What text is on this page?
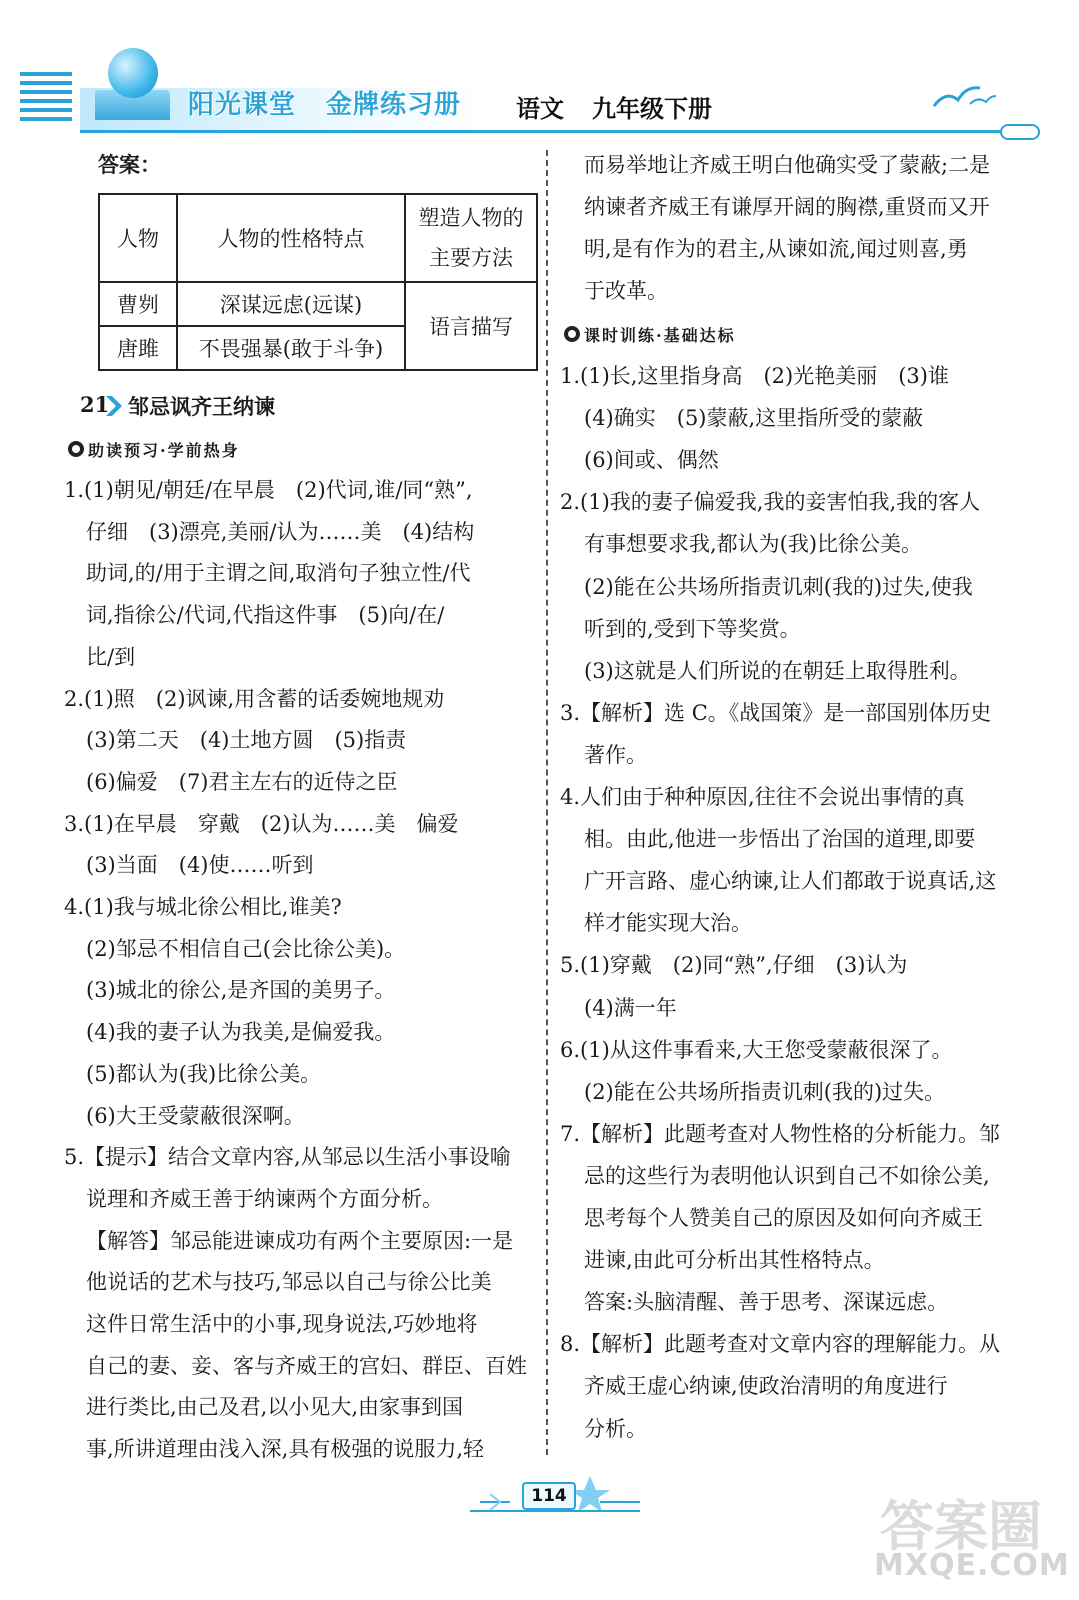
阳光课堂 金牌练习册 语文 九年级下册
答案：
人物	人物的性格特点	塑造人物的
主要方法

曹刿	深谋远虑(远谋)	语言描写
唐雎	不畏强暴(敢于斗争)	
21 邹忌讽齐王纳谏
助读预习·学前热身
1.(1)朝见/朝廷/在早晨　(2)代词,谁/同“熟”,
仔细　(3)漂亮,美丽/认为……美　(4)结构
助词,的/用于主谓之间,取消句子独立性/代
词,指徐公/代词,代指这件事　(5)向/在/
比/到
2.(1)照　(2)讽谏,用含蓄的话委婉地规劝
(3)第二天　(4)土地方圆　(5)指责
(6)偏爱　(7)君主左右的近侍之臣
3.(1)在早晨　穿戴　(2)认为……美　偏爱
(3)当面　(4)使……听到
4.(1)我与城北徐公相比,谁美?
(2)邹忌不相信自己(会比徐公美)。
(3)城北的徐公,是齐国的美男子。
(4)我的妻子认为我美,是偏爱我。
(5)都认为(我)比徐公美。
(6)大王受蒙蔽很深啊。
5.【提示】结合文章内容,从邹忌以生活小事设喻
说理和齐威王善于纳谏两个方面分析。
【解答】邹忌能进谏成功有两个主要原因:一是
他说话的艺术与技巧,邹忌以自己与徐公比美
这件日常生活中的小事,现身说法,巧妙地将
自己的妻、妾、客与齐威王的宫妇、群臣、百姓
进行类比,由己及君,以小见大,由家事到国
事,所讲道理由浅入深,具有极强的说服力,轻
而易举地让齐威王明白他确实受了蒙蔽;二是
纳谏者齐威王有谦厚开阔的胸襟,重贤而又开
明,是有作为的君主,从谏如流,闻过则喜,勇
于改革。
课时训练·基础达标
1.(1)长,这里指身高　(2)光艳美丽　(3)谁
(4)确实　(5)蒙蔽,这里指所受的蒙蔽
(6)间或、偶然
2.(1)我的妻子偏爱我,我的妾害怕我,我的客人
有事想要求我,都认为(我)比徐公美。
(2)能在公共场所指责讥刺(我的)过失,使我
听到的,受到下等奖赏。
(3)这就是人们所说的在朝廷上取得胜利。
3.【解析】选 C。《战国策》是一部国别体历史
著作。
4.人们由于种种原因,往往不会说出事情的真
相。由此,他进一步悟出了治国的道理,即要
广开言路、虚心纳谏,让人们都敢于说真话,这
样才能实现大治。
5.(1)穿戴　(2)同“熟”,仔细　(3)认为
(4)满一年
6.(1)从这件事看来,大王您受蒙蔽很深了。
(2)能在公共场所指责讥刺(我的)过失。
7.【解析】此题考查对人物性格的分析能力。邹
忌的这些行为表明他认识到自己不如徐公美,
思考每个人赞美自己的原因及如何向齐威王
进谏,由此可分析出其性格特点。
答案:头脑清醒、善于思考、深谋远虑。
8.【解析】此题考查对文章内容的理解能力。从
齐威王虚心纳谏,使政治清明的角度进行
分析。
114	答案圈
MXQE.COM
